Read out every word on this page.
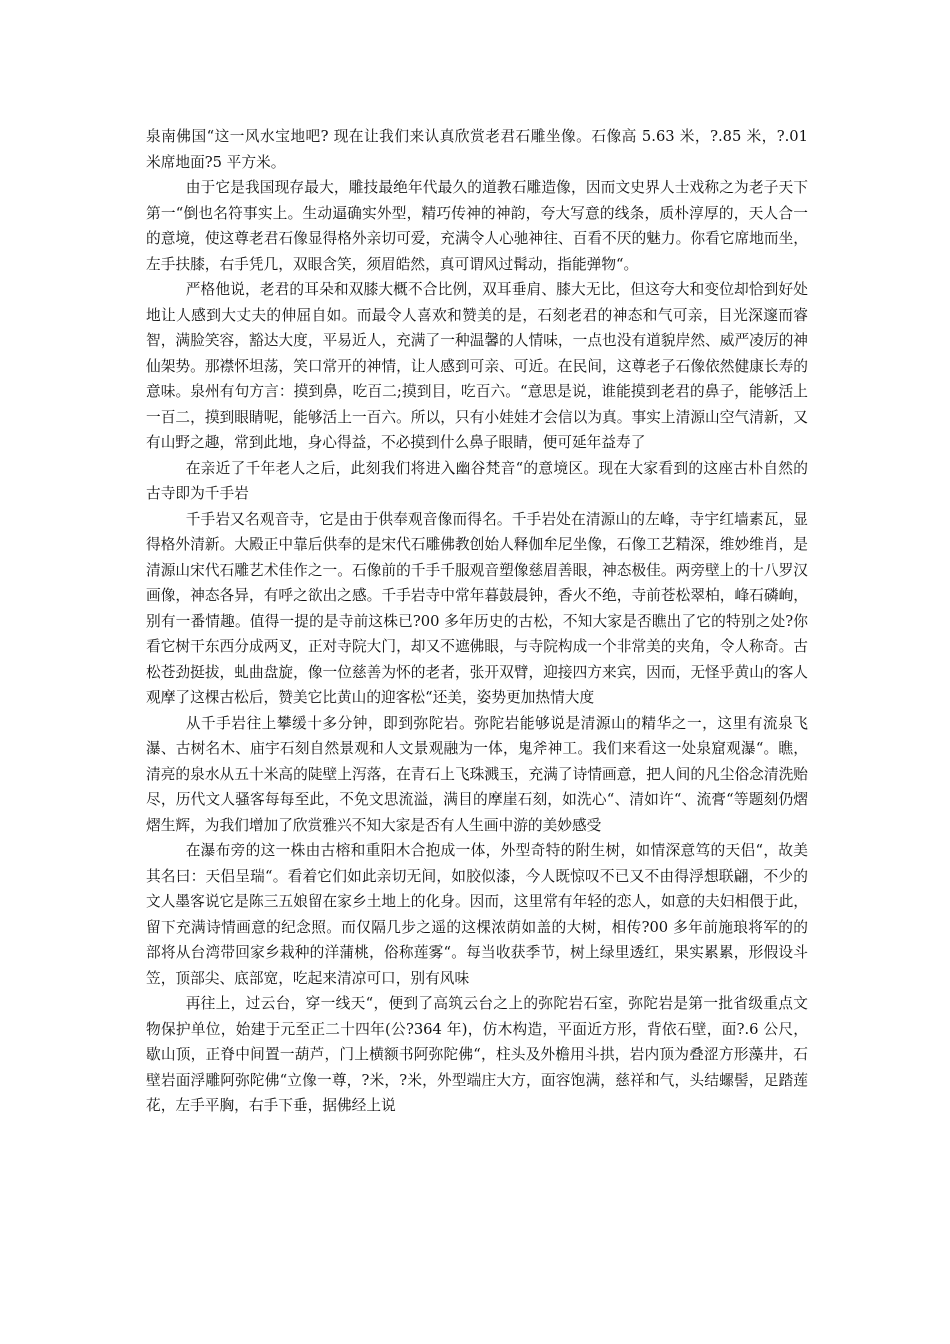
泉南佛国“这一风水宝地吧? 现在让我们来认真欣赏老君石雕坐像。石像高 5.63 米，?.85 米，?.01 米席地面?5 平方米。

由于它是我国现存最大，雕技最绝年代最久的道教石雕造像，因而文史界人士戏称之为老子天下第一“倒也名符事实上。生动逼确实外型，精巧传神的神韵，夸大写意的线条，质朴淳厚的，天人合一的意境，使这尊老君石像显得格外亲切可爱，充满令人心驰神往、百看不厌的魅力。你看它席地而坐，左手扶膝，右手凭几，双眼含笑，须眉皓然，真可谓风过髯动，指能弹物“。

严格他说，老君的耳朵和双膝大概不合比例，双耳垂肩、膝大无比，但这夸大和变位却恰到好处地让人感到大丈夫的伸屈自如。而最令人喜欢和赞美的是，石刻老君的神态和气可亲，目光深邃而睿智，满脸笑容，豁达大度，平易近人，充满了一种温馨的人情味，一点也没有道貌岸然、威严凌厉的神仙架势。那襟怀坦荡，笑口常开的神情，让人感到可亲、可近。在民间，这尊老子石像依然健康长寿的意味。泉州有句方言：摸到鼻，吃百二;摸到目，吃百六。“意思是说，谁能摸到老君的鼻子，能够活上一百二，摸到眼睛呢，能够活上一百六。所以，只有小娃娃才会信以为真。事实上清源山空气清新，又有山野之趣，常到此地，身心得益，不必摸到什么鼻子眼睛，便可延年益寿了

在亲近了千年老人之后，此刻我们将进入幽谷梵音“的意境区。现在大家看到的这座古朴自然的古寺即为千手岩

千手岩又名观音寺，它是由于供奉观音像而得名。千手岩处在清源山的左峰，寺宇红墙素瓦，显得格外清新。大殿正中靠后供奉的是宋代石雕佛教创始人释伽牟尼坐像，石像工艺精深，维妙维肖，是清源山宋代石雕艺术佳作之一。石像前的千手千服观音塑像慈眉善眼，神态极佳。两旁壁上的十八罗汉画像，神态各异，有呼之欲出之感。千手岩寺中常年暮鼓晨钟，香火不绝，寺前苍松翠柏，峰石磷峋，别有一番情趣。值得一提的是寺前这株已?00 多年历史的古松，不知大家是否瞧出了它的特别之处?你看它树干东西分成两叉，正对寺院大门，却又不遮佛眼，与寺院构成一个非常美的夹角，令人称奇。古松苍劲挺拔，虬曲盘旋，像一位慈善为怀的老者，张开双臂，迎接四方来宾，因而，无怪乎黄山的客人观摩了这棵古松后，赞美它比黄山的迎客松“还美，姿势更加热情大度

从千手岩往上攀缓十多分钟，即到弥陀岩。弥陀岩能够说是清源山的精华之一，这里有流泉飞瀑、古树名木、庙宇石刻自然景观和人文景观融为一体，鬼斧神工。我们来看这一处泉窟观瀑“。瞧，清亮的泉水从五十米高的陡壁上泻落，在青石上飞珠溅玉，充满了诗情画意，把人间的凡尘俗念清洗贻尽，历代文人骚客每每至此，不免文思流溢，满目的摩崖石刻，如洗心“、清如许“、流膏“等题刻仍熠熠生辉，为我们增加了欣赏雅兴不知大家是否有人生画中游的美妙感受

在瀑布旁的这一株由古榕和重阳木合抱成一体，外型奇特的附生树，如情深意笃的天侣“，故美其名曰：天侣呈瑞“。看着它们如此亲切无间，如胶似漆，今人既惊叹不已又不由得浮想联翩，不少的文人墨客说它是陈三五娘留在家乡土地上的化身。因而，这里常有年轻的恋人，如意的夫妇相偎于此，留下充满诗情画意的纪念照。而仅隔几步之遥的这棵浓荫如盖的大树，相传?00 多年前施琅将军的的部将从台湾带回家乡栽种的洋蒲桃，俗称莲雾“。每当收获季节，树上绿里透红，果实累累，形假设斗笠，顶部尖、底部宽，吃起来清凉可口，别有风味

再往上，过云台，穿一线天“，便到了高筑云台之上的弥陀岩石室，弥陀岩是第一批省级重点文物保护单位，始建于元至正二十四年(公?364 年)，仿木构造，平面近方形，背依石壁，面?.6 公尺，歇山顶，正脊中间置一葫芦，门上横额书阿弥陀佛“，柱头及外檐用斗拱，岩内顶为叠涩方形藻井，石壁岩面浮雕阿弥陀佛“立像一尊，?米，?米，外型端庄大方，面容饱满，慈祥和气，头结螺髻，足踏莲花，左手平胸，右手下垂，据佛经上说
